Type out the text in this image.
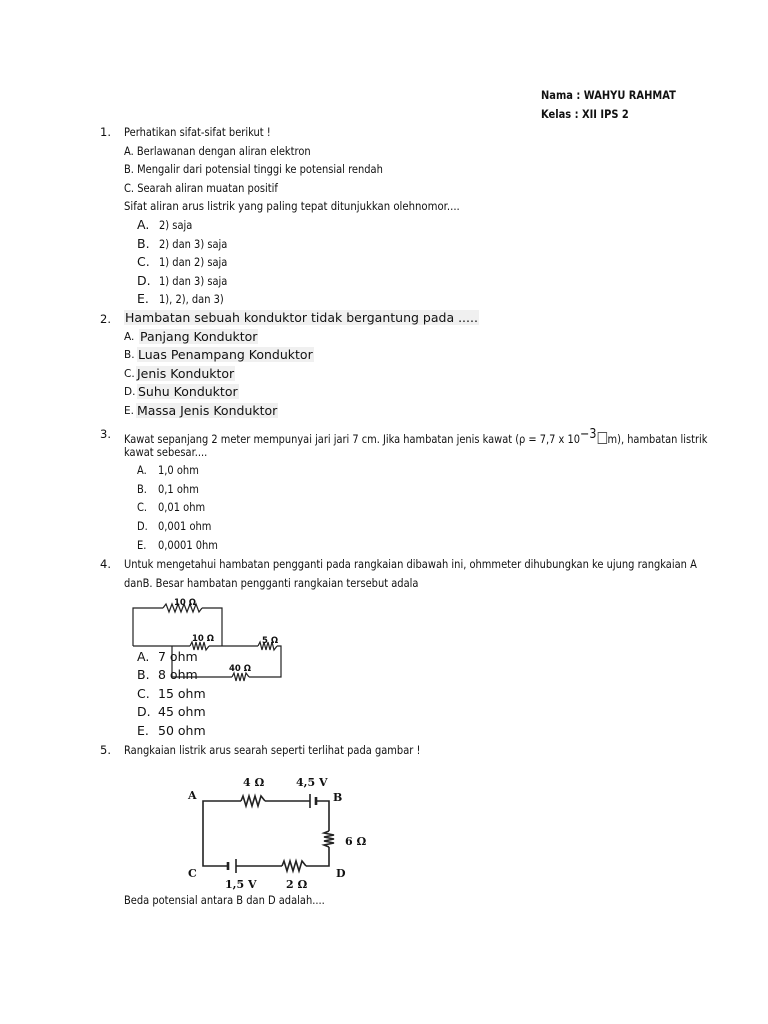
Nama : WAHYU RAHMAT
Kelas : XII IPS 2
1. Perhatikan sifat-sifat berikut !
A. Berlawanan dengan aliran elektron
B. Mengalir dari potensial tinggi ke potensial rendah
C. Searah aliran muatan positif
Sifat aliran arus listrik yang paling tepat ditunjukkan olehnomor....
A. 2) saja
B. 2) dan 3) saja
C. 1) dan 2) saja
D. 1) dan 3) saja
E. 1), 2), dan 3)
2. Hambatan sebuah konduktor tidak bergantung pada .....
A. Panjang Konduktor
B. Luas Penampang Konduktor
C. Jenis Konduktor
D. Suhu Konduktor
E. Massa Jenis Konduktor
3. Kawat sepanjang 2 meter mempunyai jari jari 7 cm. Jika hambatan jenis kawat (ρ = 7,7 x $10^{-3}$ m), hambatan listrik
kawat sebesar....
A. 1,0 ohm
B. 0,1 ohm
C. 0,01 ohm
D. 0,001 ohm
E. 0,0001 0hm
4. Untuk mengetahui hambatan pengganti pada rangkaian dibawah ini, ohmmeter dihubungkan ke ujung rangkaian A
danB. Besar hambatan pengganti rangkaian tersebut adala
10 Ω
10 Ω	5 Ω
40 Ω
A. 7 ohm
B. 8 ohm
C. 15 ohm
D. 45 ohm
E. 50 ohm
5. Rangkaian listrik arus searah seperti terlihat pada gambar !
4 Ω	4,5 V
6 Ω
1,5 V	2 Ω
A	B
C	D
Beda potensial antara B dan D adalah....
